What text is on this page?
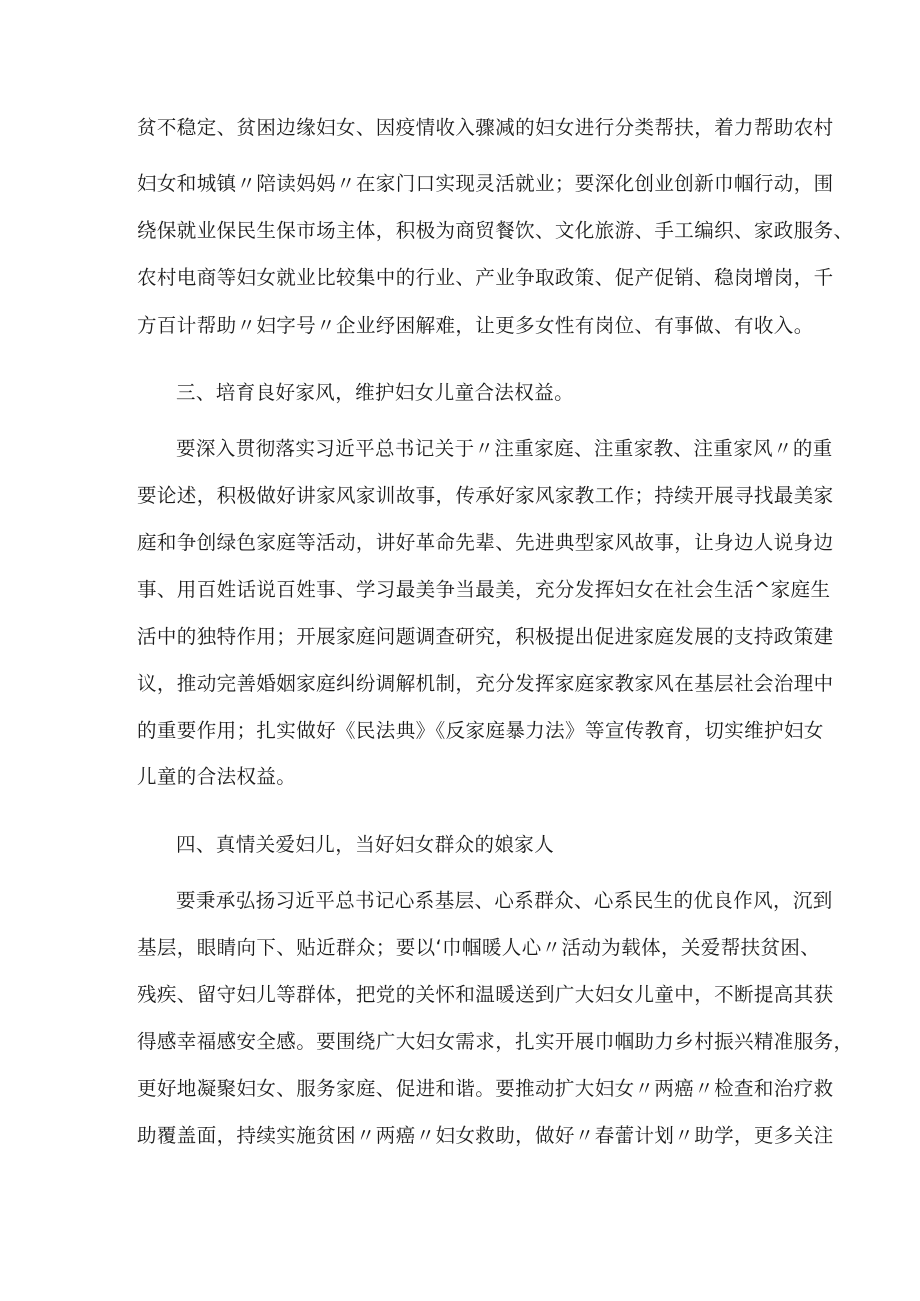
贫不稳定、贫困边缘妇女、因疫情收入骤减的妇女进行分类帮扶，着力帮助农村
妇女和城镇〃陪读妈妈〃在家门口实现灵活就业；要深化创业创新巾帼行动，围
绕保就业保民生保市场主体，积极为商贸餐饮、文化旅游、手工编织、家政服务、
农村电商等妇女就业比较集中的行业、产业争取政策、促产促销、稳岗增岗，千
方百计帮助〃妇字号〃企业纾困解难，让更多女性有岗位、有事做、有收入。
三、培育良好家风，维护妇女儿童合法权益。
要深入贯彻落实习近平总书记关于〃注重家庭、注重家教、注重家风〃的重
要论述，积极做好讲家风家训故事，传承好家风家教工作；持续开展寻找最美家
庭和争创绿色家庭等活动，讲好革命先辈、先进典型家风故事，让身边人说身边
事、用百姓话说百姓事、学习最美争当最美，充分发挥妇女在社会生活^家庭生
活中的独特作用；开展家庭问题调查研究，积极提出促进家庭发展的支持政策建
议，推动完善婚姻家庭纠纷调解机制，充分发挥家庭家教家风在基层社会治理中
的重要作用；扎实做好《民法典》《反家庭暴力法》等宣传教育，切实维护妇女
儿童的合法权益。
四、真情关爱妇儿，当好妇女群众的娘家人
要秉承弘扬习近平总书记心系基层、心系群众、心系民生的优良作风，沉到
基层，眼睛向下、贴近群众；要以‘巾帼暖人心〃活动为载体，关爱帮扶贫困、
残疾、留守妇儿等群体，把党的关怀和温暖送到广大妇女儿童中，不断提高其获
得感幸福感安全感。要围绕广大妇女需求，扎实开展巾帼助力乡村振兴精准服务，
更好地凝聚妇女、服务家庭、促进和谐。要推动扩大妇女〃两癌〃检查和治疗救
助覆盖面，持续实施贫困〃两癌〃妇女救助，做好〃春蕾计划〃助学，更多关注
